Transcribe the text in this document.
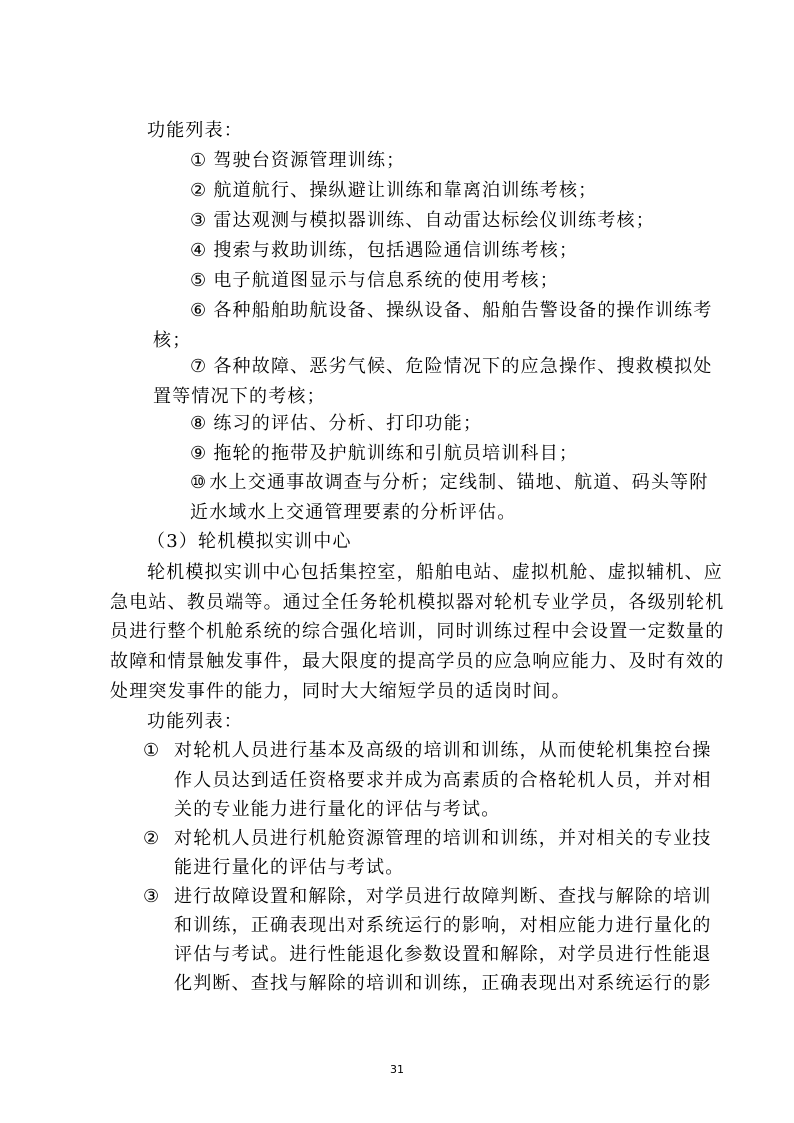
功能列表：
① 驾驶台资源管理训练；
② 航道航行、操纵避让训练和靠离泊训练考核；
③ 雷达观测与模拟器训练、自动雷达标绘仪训练考核；
④ 搜索与救助训练，包括遇险通信训练考核；
⑤ 电子航道图显示与信息系统的使用考核；
⑥ 各种船舶助航设备、操纵设备、船舶告警设备的操作训练考
核；
⑦ 各种故障、恶劣气候、危险情况下的应急操作、搜救模拟处
置等情况下的考核；
⑧ 练习的评估、分析、打印功能；
⑨ 拖轮的拖带及护航训练和引航员培训科目；
⑩ 水上交通事故调查与分析；定线制、锚地、航道、码头等附
近水域水上交通管理要素的分析评估。
（3）轮机模拟实训中心
轮机模拟实训中心包括集控室，船舶电站、虚拟机舱、虚拟辅机、应
急电站、教员端等。通过全任务轮机模拟器对轮机专业学员，各级别轮机
员进行整个机舱系统的综合强化培训，同时训练过程中会设置一定数量的
故障和情景触发事件，最大限度的提高学员的应急响应能力、及时有效的
处理突发事件的能力，同时大大缩短学员的适岗时间。
功能列表：
① 对轮机人员进行基本及高级的培训和训练，从而使轮机集控台操
作人员达到适任资格要求并成为高素质的合格轮机人员，并对相
关的专业能力进行量化的评估与考试。
② 对轮机人员进行机舱资源管理的培训和训练，并对相关的专业技
能进行量化的评估与考试。
③ 进行故障设置和解除，对学员进行故障判断、查找与解除的培训
和训练，正确表现出对系统运行的影响，对相应能力进行量化的
评估与考试。进行性能退化参数设置和解除，对学员进行性能退
化判断、查找与解除的培训和训练，正确表现出对系统运行的影
31
